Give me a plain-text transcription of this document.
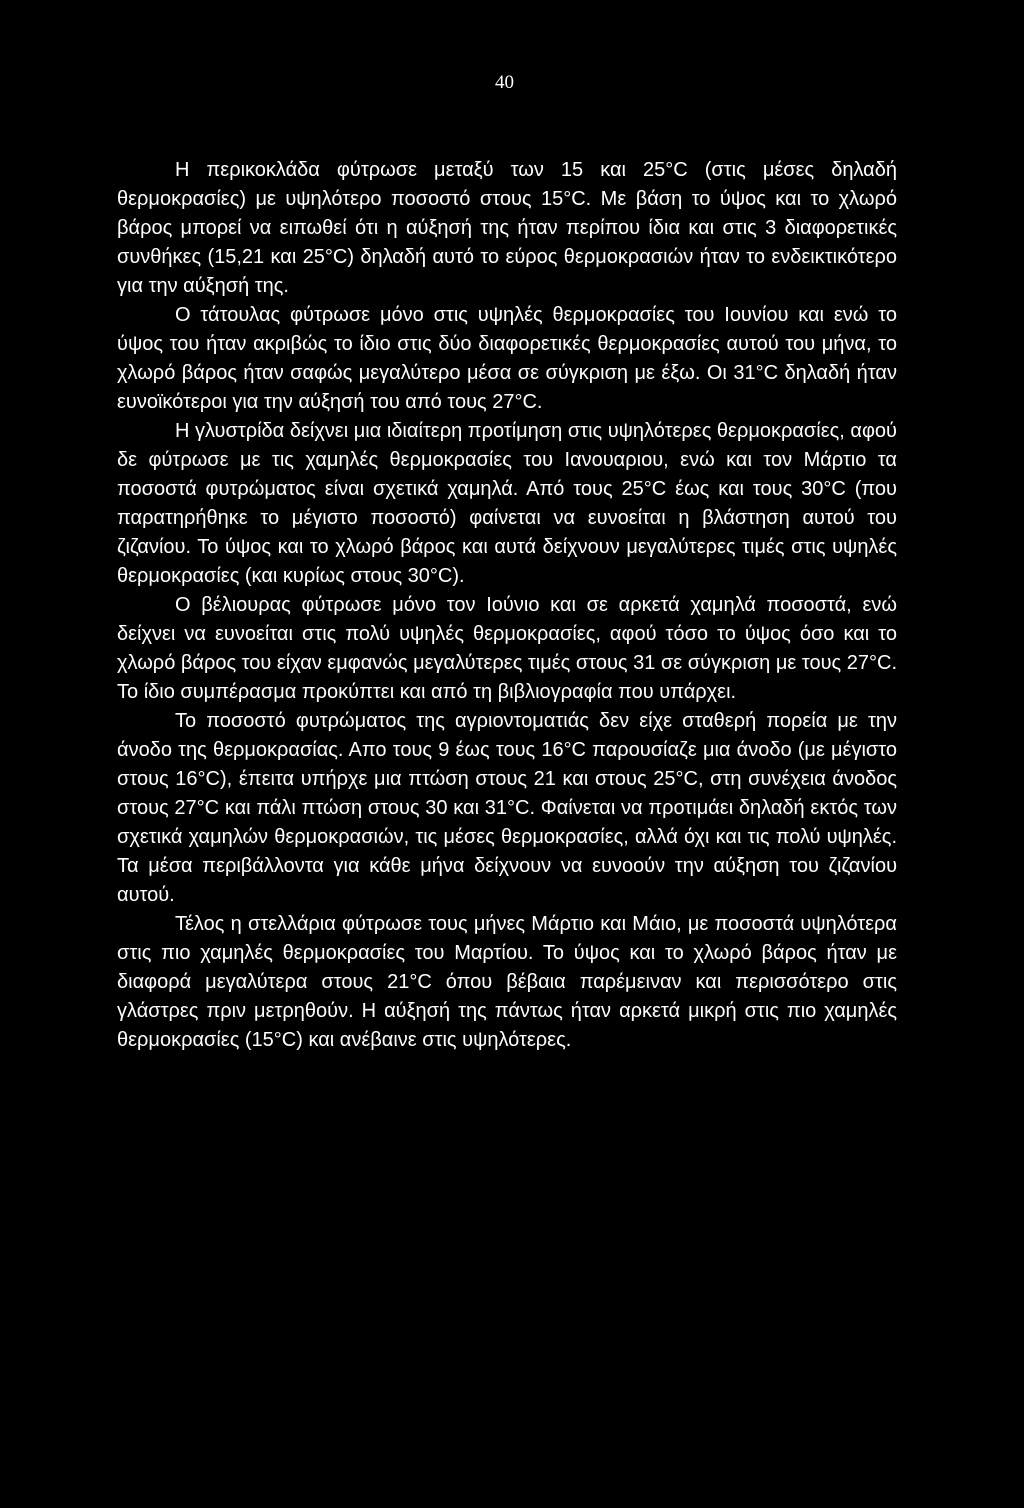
40

Η περικοκλάδα φύτρωσε μεταξύ των 15 και 25°C (στις μέσες δηλαδή θερμοκρασίες) με υψηλότερο ποσοστό στους 15°C. Με βάση το ύψος και το χλωρό βάρος μπορεί να ειπωθεί ότι η αύξησή της ήταν περίπου ίδια και στις 3 διαφορετικές συνθήκες (15,21 και 25°C) δηλαδή αυτό το εύρος θερμοκρασιών ήταν το ενδεικτικότερο για την αύξησή της.

Ο τάτουλας φύτρωσε μόνο στις υψηλές θερμοκρασίες του Ιουνίου και ενώ το ύψος του ήταν ακριβώς το ίδιο στις δύο διαφορετικές θερμοκρασίες αυτού του μήνα, το χλωρό βάρος ήταν σαφώς μεγαλύτερο μέσα σε σύγκριση με έξω. Οι 31°C δηλαδή ήταν ευνοϊκότεροι για την αύξησή του από τους 27°C.

Η γλυστρίδα δείχνει μια ιδιαίτερη προτίμηση στις υψηλότερες θερμοκρασίες, αφού δε φύτρωσε με τις χαμηλές θερμοκρασίες του Ιανουαριου, ενώ και τον Μάρτιο τα ποσοστά φυτρώματος είναι σχετικά χαμηλά. Από τους 25°C έως και τους 30°C (που παρατηρήθηκε το μέγιστο ποσοστό) φαίνεται να ευνοείται η βλάστηση αυτού του ζιζανίου. Το ύψος και το χλωρό βάρος και αυτά δείχνουν μεγαλύτερες τιμές στις υψηλές θερμοκρασίες (και κυρίως στους 30°C).

Ο βέλιουρας φύτρωσε μόνο τον Ιούνιο και σε αρκετά χαμηλά ποσοστά, ενώ δείχνει να ευνοείται στις πολύ υψηλές θερμοκρασίες, αφού τόσο το ύψος όσο και το χλωρό βάρος του είχαν εμφανώς μεγαλύτερες τιμές στους 31 σε σύγκριση με τους 27°C. Το ίδιο συμπέρασμα προκύπτει και από τη βιβλιογραφία που υπάρχει.

Το ποσοστό φυτρώματος της αγριοντοματιάς δεν είχε σταθερή πορεία με την άνοδο της θερμοκρασίας. Απο τους 9 έως τους 16°C παρουσίαζε μια άνοδο (με μέγιστο στους 16°C), έπειτα υπήρχε μια πτώση στους 21 και στους 25°C, στη συνέχεια άνοδος στους 27°C και πάλι πτώση στους 30 και 31°C. Φαίνεται να προτιμάει δηλαδή εκτός των σχετικά χαμηλών θερμοκρασιών, τις μέσες θερμοκρασίες, αλλά όχι και τις πολύ υψηλές. Τα μέσα περιβάλλοντα για κάθε μήνα δείχνουν να ευνοούν την αύξηση του ζιζανίου αυτού.

Τέλος η στελλάρια φύτρωσε τους μήνες Μάρτιο και Μάιο, με ποσοστά υψηλότερα στις πιο χαμηλές θερμοκρασίες του Μαρτίου. Το ύψος και το χλωρό βάρος ήταν με διαφορά μεγαλύτερα στους 21°C όπου βέβαια παρέμειναν και περισσότερο στις γλάστρες πριν μετρηθούν. Η αύξησή της πάντως ήταν αρκετά μικρή στις πιο χαμηλές θερμοκρασίες (15°C) και ανέβαινε στις υψηλότερες.
